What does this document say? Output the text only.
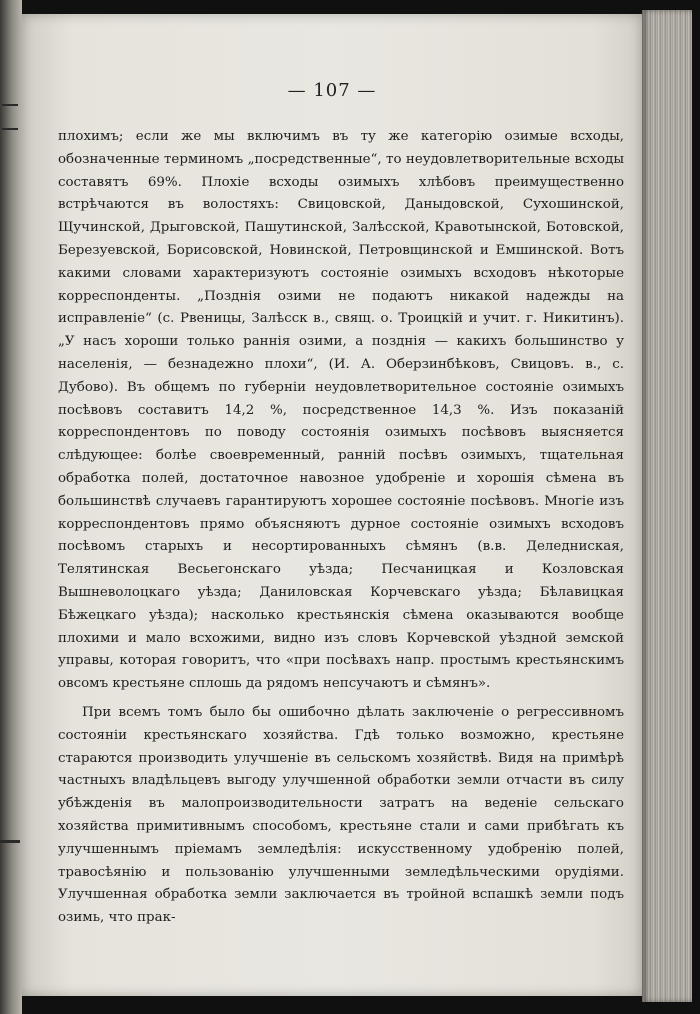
— 107 —

плохимъ; если же мы включимъ въ ту же категорію озимые всходы, обозначенные терминомъ „посредственные“, то неудовлетворительные всходы составятъ 69%. Плохіе всходы озимыхъ хлѣбовъ преимущественно встрѣчаются въ волостяхъ: Свицовской, Даныдовской, Сухошинской, Щучинской, Дрыговской, Пашутинской, Залѣсской, Кравотынской, Ботовской, Березуевской, Борисовской, Новинской, Петровщинской и Емшинской. Вотъ какими словами характеризуютъ состояніе озимыхъ всходовъ нѣкоторые корреспонденты. „Позднія озими не подаютъ никакой надежды на исправленіе“ (с. Рвеницы, Залѣсск в., свящ. о. Троицкій и учит. г. Никитинъ). „У насъ хороши только раннія озими, а позднія — какихъ большинство у населенія, — безнадежно плохи“, (И. А. Оберзинбѣковъ, Свицовъ. в., с. Дубово). Въ общемъ по губерніи неудовлетворительное состояніе озимыхъ посѣвовъ составитъ 14,2 %, посредственное 14,3 %. Изъ показаній корреспондентовъ по поводу состоянія озимыхъ посѣвовъ выясняется слѣдующее: болѣе своевременный, ранній посѣвъ озимыхъ, тщательная обработка полей, достаточное навозное удобреніе и хорошія сѣмена въ большинствѣ случаевъ гарантируютъ хорошее состояніе посѣвовъ. Многіе изъ корреспондентовъ прямо объясняютъ дурное состояніе озимыхъ всходовъ посѣвомъ старыхъ и несортированныхъ сѣмянъ (в.в. Деледниская, Телятинская Весьегонскаго уѣзда; Песчаницкая и Козловская Вышневолоцкаго уѣзда; Даниловская Корчевскаго уѣзда; Бѣлавицкая Бѣжецкаго уѣзда); насколько крестьянскія сѣмена оказываются вообще плохими и мало всхожими, видно изъ словъ Корчевской уѣздной земской управы, которая говоритъ, что «при посѣвахъ напр. простымъ крестьянскимъ овсомъ крестьяне сплошь да рядомъ непсучаютъ и сѣмянъ».

При всемъ томъ было бы ошибочно дѣлать заключеніе о регрессивномъ состояніи крестьянскаго хозяйства. Гдѣ только возможно, крестьяне стараются производить улучшеніе въ сельскомъ хозяйствѣ. Видя на примѣрѣ частныхъ владѣльцевъ выгоду улучшенной обработки земли отчасти въ силу убѣжденія въ малопроизводительности затратъ на веденіе сельскаго хозяйства примитивнымъ способомъ, крестьяне стали и сами прибѣгать къ улучшеннымъ пріемамъ земледѣлія: искусственному удобренію полей, травосѣянію и пользованію улучшенными земледѣльческими орудіями. Улучшенная обработка земли заключается въ тройной вспашкѣ земли подъ озимь, что прак-
